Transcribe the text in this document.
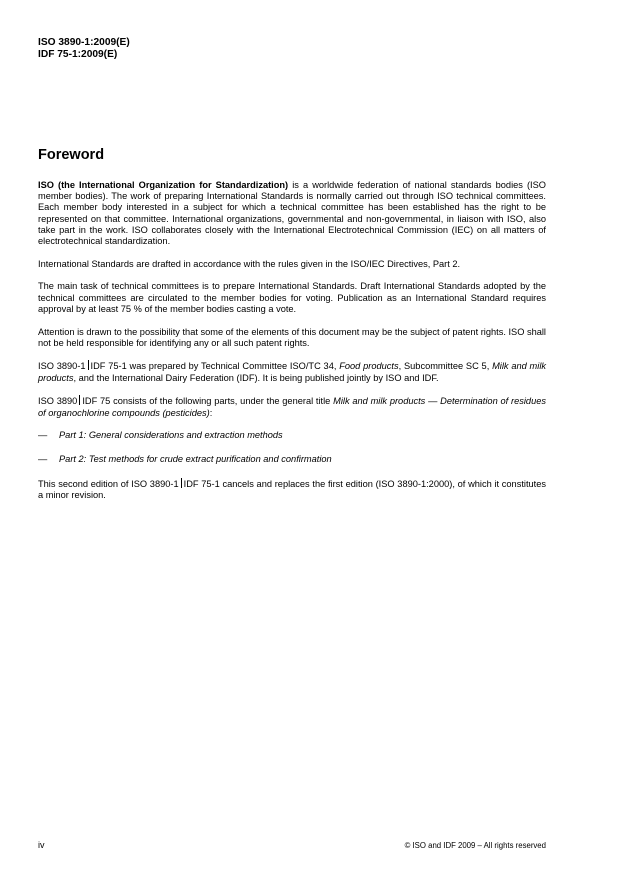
ISO 3890-1:2009(E)
IDF 75-1:2009(E)
Foreword

ISO (the International Organization for Standardization) is a worldwide federation of national standards bodies (ISO member bodies). The work of preparing International Standards is normally carried out through ISO technical committees. Each member body interested in a subject for which a technical committee has been established has the right to be represented on that committee. International organizations, governmental and non-governmental, in liaison with ISO, also take part in the work. ISO collaborates closely with the International Electrotechnical Commission (IEC) on all matters of electrotechnical standardization.

International Standards are drafted in accordance with the rules given in the ISO/IEC Directives, Part 2.

The main task of technical committees is to prepare International Standards. Draft International Standards adopted by the technical committees are circulated to the member bodies for voting. Publication as an International Standard requires approval by at least 75 % of the member bodies casting a vote.

Attention is drawn to the possibility that some of the elements of this document may be the subject of patent rights. ISO shall not be held responsible for identifying any or all such patent rights.

ISO 3890-1 IDF 75-1 was prepared by Technical Committee ISO/TC 34, Food products, Subcommittee SC 5, Milk and milk products, and the International Dairy Federation (IDF). It is being published jointly by ISO and IDF.

ISO 3890 IDF 75 consists of the following parts, under the general title Milk and milk products — Determination of residues of organochlorine compounds (pesticides):

— Part 1: General considerations and extraction methods

— Part 2: Test methods for crude extract purification and confirmation

This second edition of ISO 3890-1 IDF 75-1 cancels and replaces the first edition (ISO 3890-1:2000), of which it constitutes a minor revision.

iv	© ISO and IDF 2009 – All rights reserved
